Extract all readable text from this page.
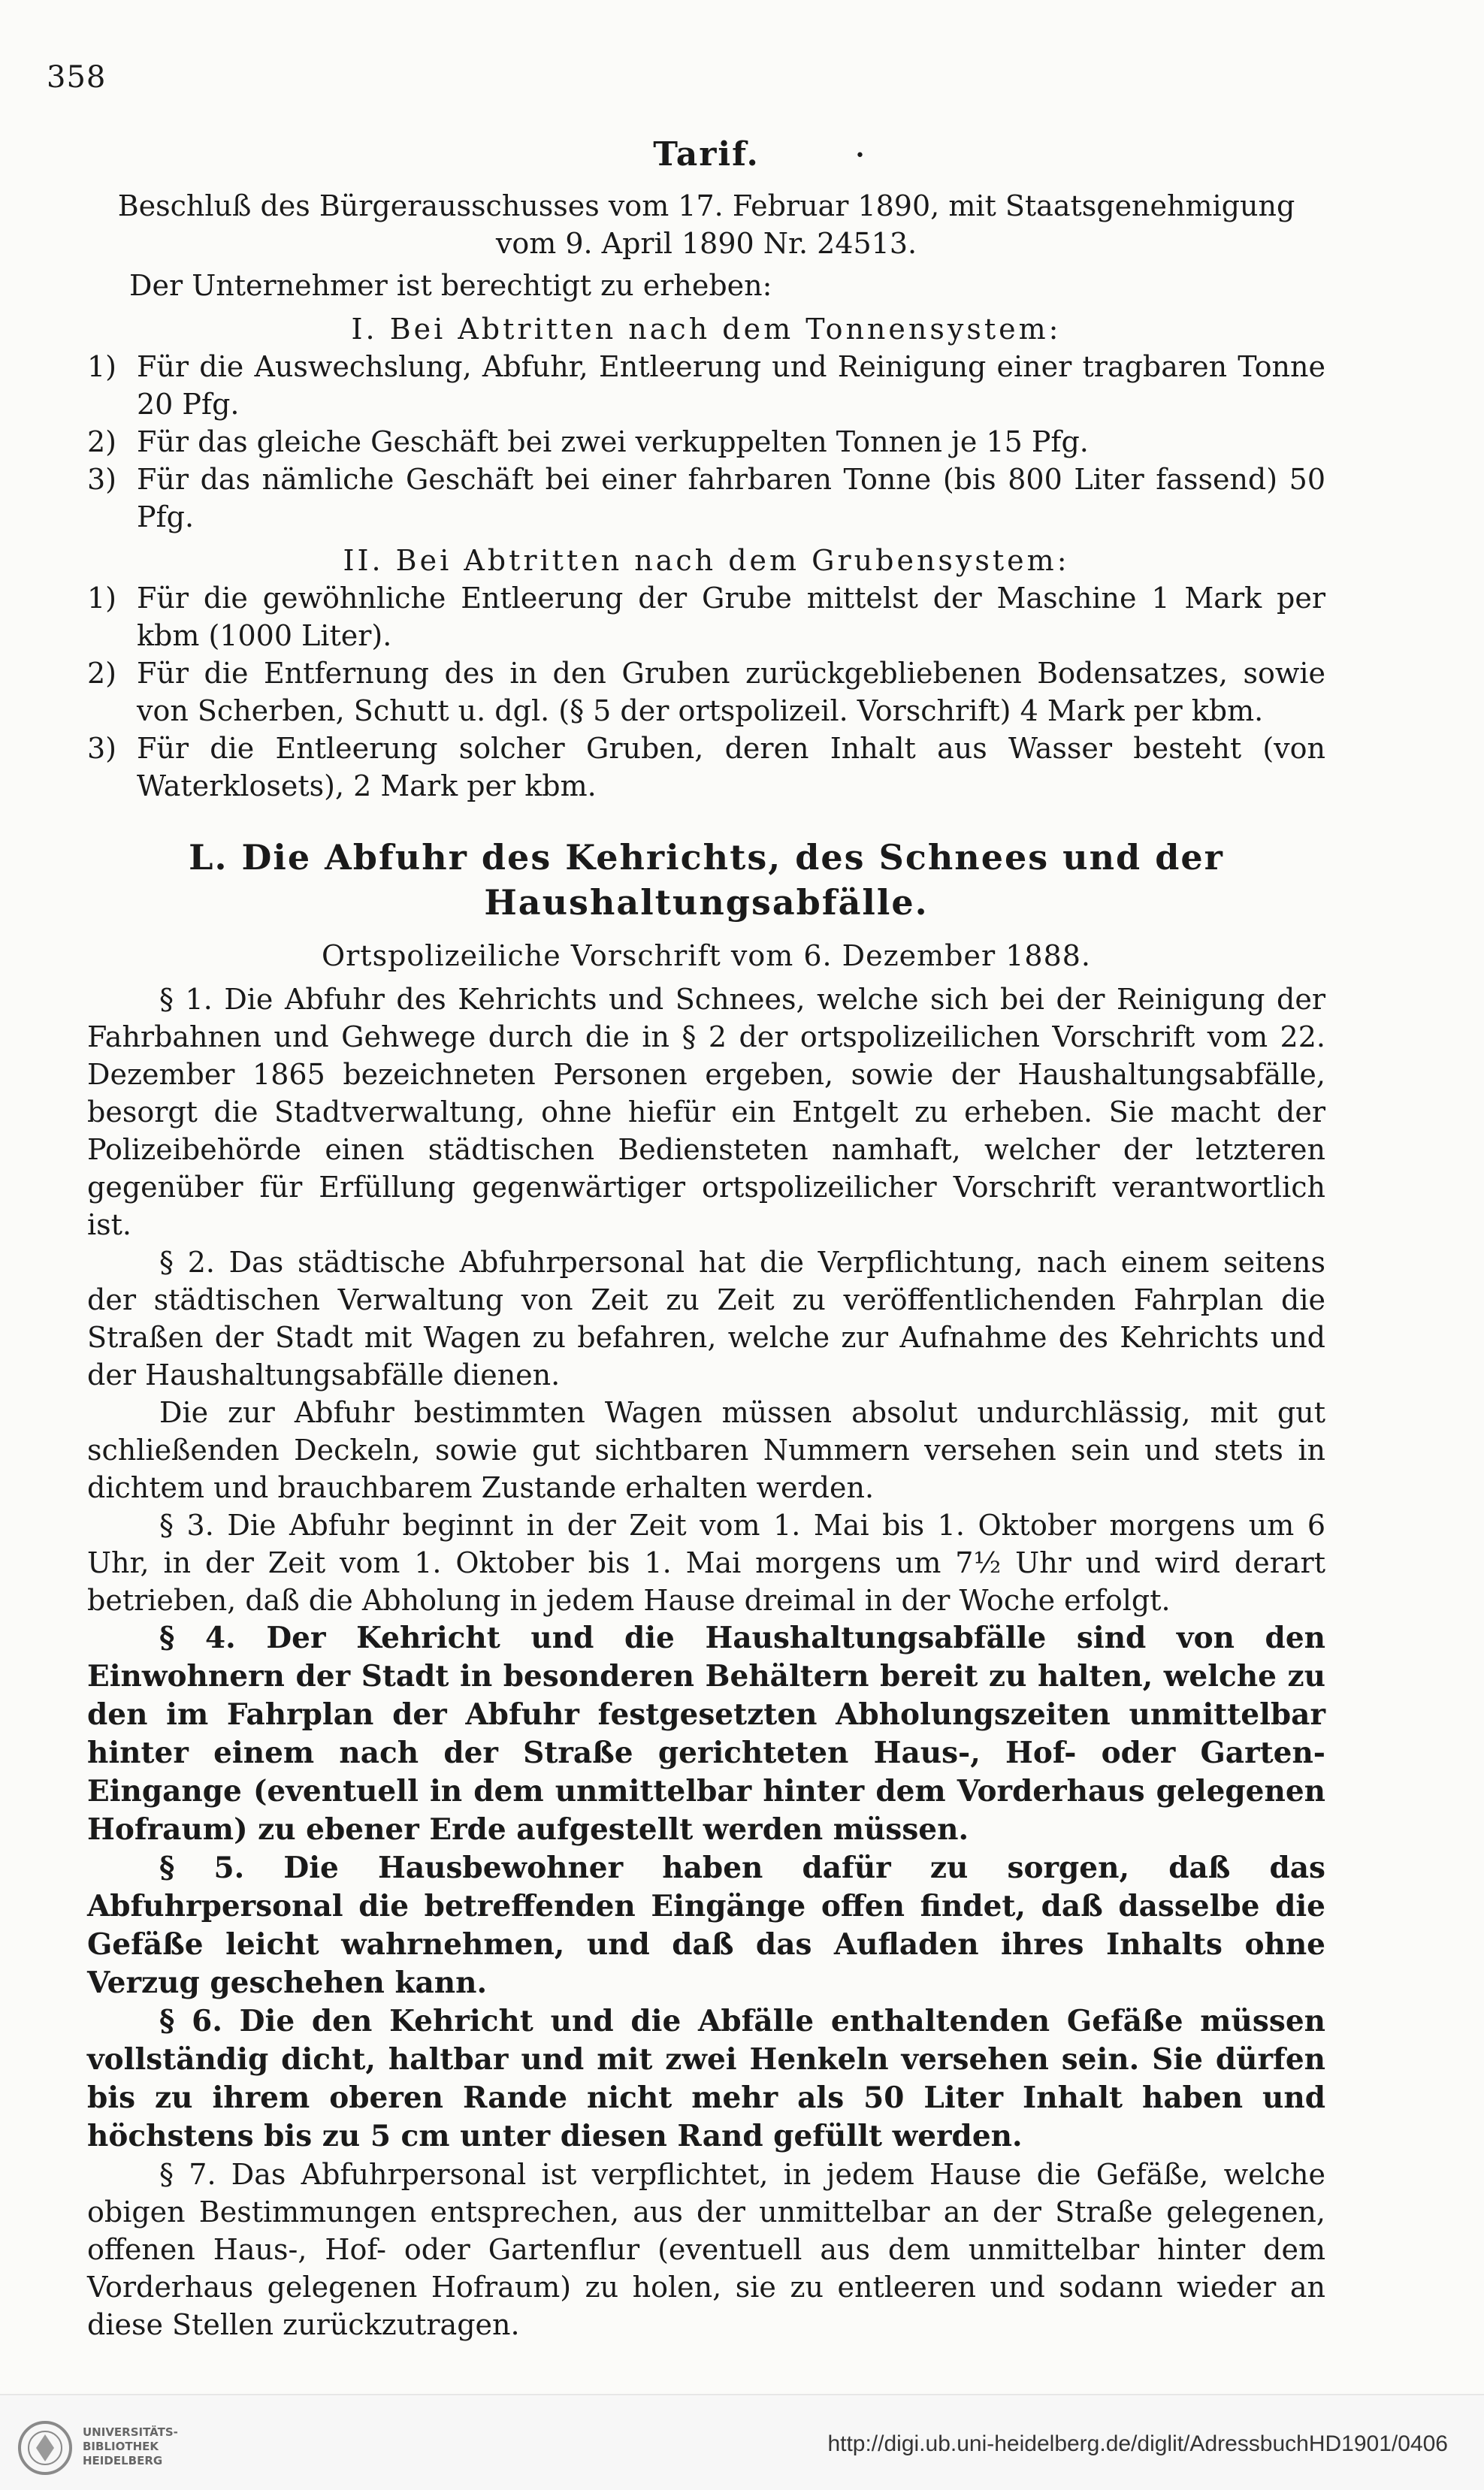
358
•
Tarif.

Beschluß des Bürgerausschusses vom 17. Februar 1890, mit Staatsgenehmigung

vom 9. April 1890 Nr. 24513.

Der Unternehmer ist berechtigt zu erheben:

I. Bei Abtritten nach dem Tonnensystem:

1) Für die Auswechslung, Abfuhr, Entleerung und Reinigung einer tragbaren Tonne 20 Pfg.
2) Für das gleiche Geschäft bei zwei verkuppelten Tonnen je 15 Pfg.
3) Für das nämliche Geschäft bei einer fahrbaren Tonne (bis 800 Liter fassend) 50 Pfg.

II. Bei Abtritten nach dem Grubensystem:

1) Für die gewöhnliche Entleerung der Grube mittelst der Maschine 1 Mark per kbm (1000 Liter).
2) Für die Entfernung des in den Gruben zurückgebliebenen Bodensatzes, sowie von Scherben, Schutt u. dgl. (§ 5 der ortspolizeil. Vorschrift) 4 Mark per kbm.
3) Für die Entleerung solcher Gruben, deren Inhalt aus Wasser besteht (von Waterklosets), 2 Mark per kbm.
L. Die Abfuhr des Kehrichts, des Schnees und der
Haushaltungsabfälle.

Ortspolizeiliche Vorschrift vom 6. Dezember 1888.

§ 1. Die Abfuhr des Kehrichts und Schnees, welche sich bei der Reinigung der Fahrbahnen und Gehwege durch die in § 2 der ortspolizeilichen Vorschrift vom 22. Dezember 1865 bezeichneten Personen ergeben, sowie der Haushaltungsabfälle, besorgt die Stadtverwaltung, ohne hiefür ein Entgelt zu erheben. Sie macht der Polizeibehörde einen städtischen Bediensteten namhaft, welcher der letzteren gegenüber für Erfüllung gegenwärtiger ortspolizeilicher Vorschrift verantwortlich ist.

§ 2. Das städtische Abfuhrpersonal hat die Verpflichtung, nach einem seitens der städtischen Verwaltung von Zeit zu Zeit zu veröffentlichenden Fahrplan die Straßen der Stadt mit Wagen zu befahren, welche zur Aufnahme des Kehrichts und der Haushaltungsabfälle dienen.

Die zur Abfuhr bestimmten Wagen müssen absolut undurchlässig, mit gut schließenden Deckeln, sowie gut sichtbaren Nummern versehen sein und stets in dichtem und brauchbarem Zustande erhalten werden.

§ 3. Die Abfuhr beginnt in der Zeit vom 1. Mai bis 1. Oktober morgens um 6 Uhr, in der Zeit vom 1. Oktober bis 1. Mai morgens um 7½ Uhr und wird derart betrieben, daß die Abholung in jedem Hause dreimal in der Woche erfolgt.

§ 4. Der Kehricht und die Haushaltungsabfälle sind von den Einwohnern der Stadt in besonderen Behältern bereit zu halten, welche zu den im Fahrplan der Abfuhr festgesetzten Abholungszeiten unmittelbar hinter einem nach der Straße gerichteten Haus-, Hof- oder Garten-Eingange (eventuell in dem unmittelbar hinter dem Vorderhaus gelegenen Hofraum) zu ebener Erde aufgestellt werden müssen.

§ 5. Die Hausbewohner haben dafür zu sorgen, daß das Abfuhrpersonal die betreffenden Eingänge offen findet, daß dasselbe die Gefäße leicht wahrnehmen, und daß das Aufladen ihres Inhalts ohne Verzug geschehen kann.

§ 6. Die den Kehricht und die Abfälle enthaltenden Gefäße müssen vollständig dicht, haltbar und mit zwei Henkeln versehen sein. Sie dürfen bis zu ihrem oberen Rande nicht mehr als 50 Liter Inhalt haben und höchstens bis zu 5 cm unter diesen Rand gefüllt werden.

§ 7. Das Abfuhrpersonal ist verpflichtet, in jedem Hause die Gefäße, welche obigen Bestimmungen entsprechen, aus der unmittelbar an der Straße gelegenen, offenen Haus-, Hof- oder Gartenflur (eventuell aus dem unmittelbar hinter dem Vorderhaus gelegenen Hofraum) zu holen, sie zu entleeren und sodann wieder an diese Stellen zurückzutragen.

UNIVERSITÄTS-
BIBLIOTHEK
HEIDELBERG
http://digi.ub.uni-heidelberg.de/diglit/AdressbuchHD1901/0406
